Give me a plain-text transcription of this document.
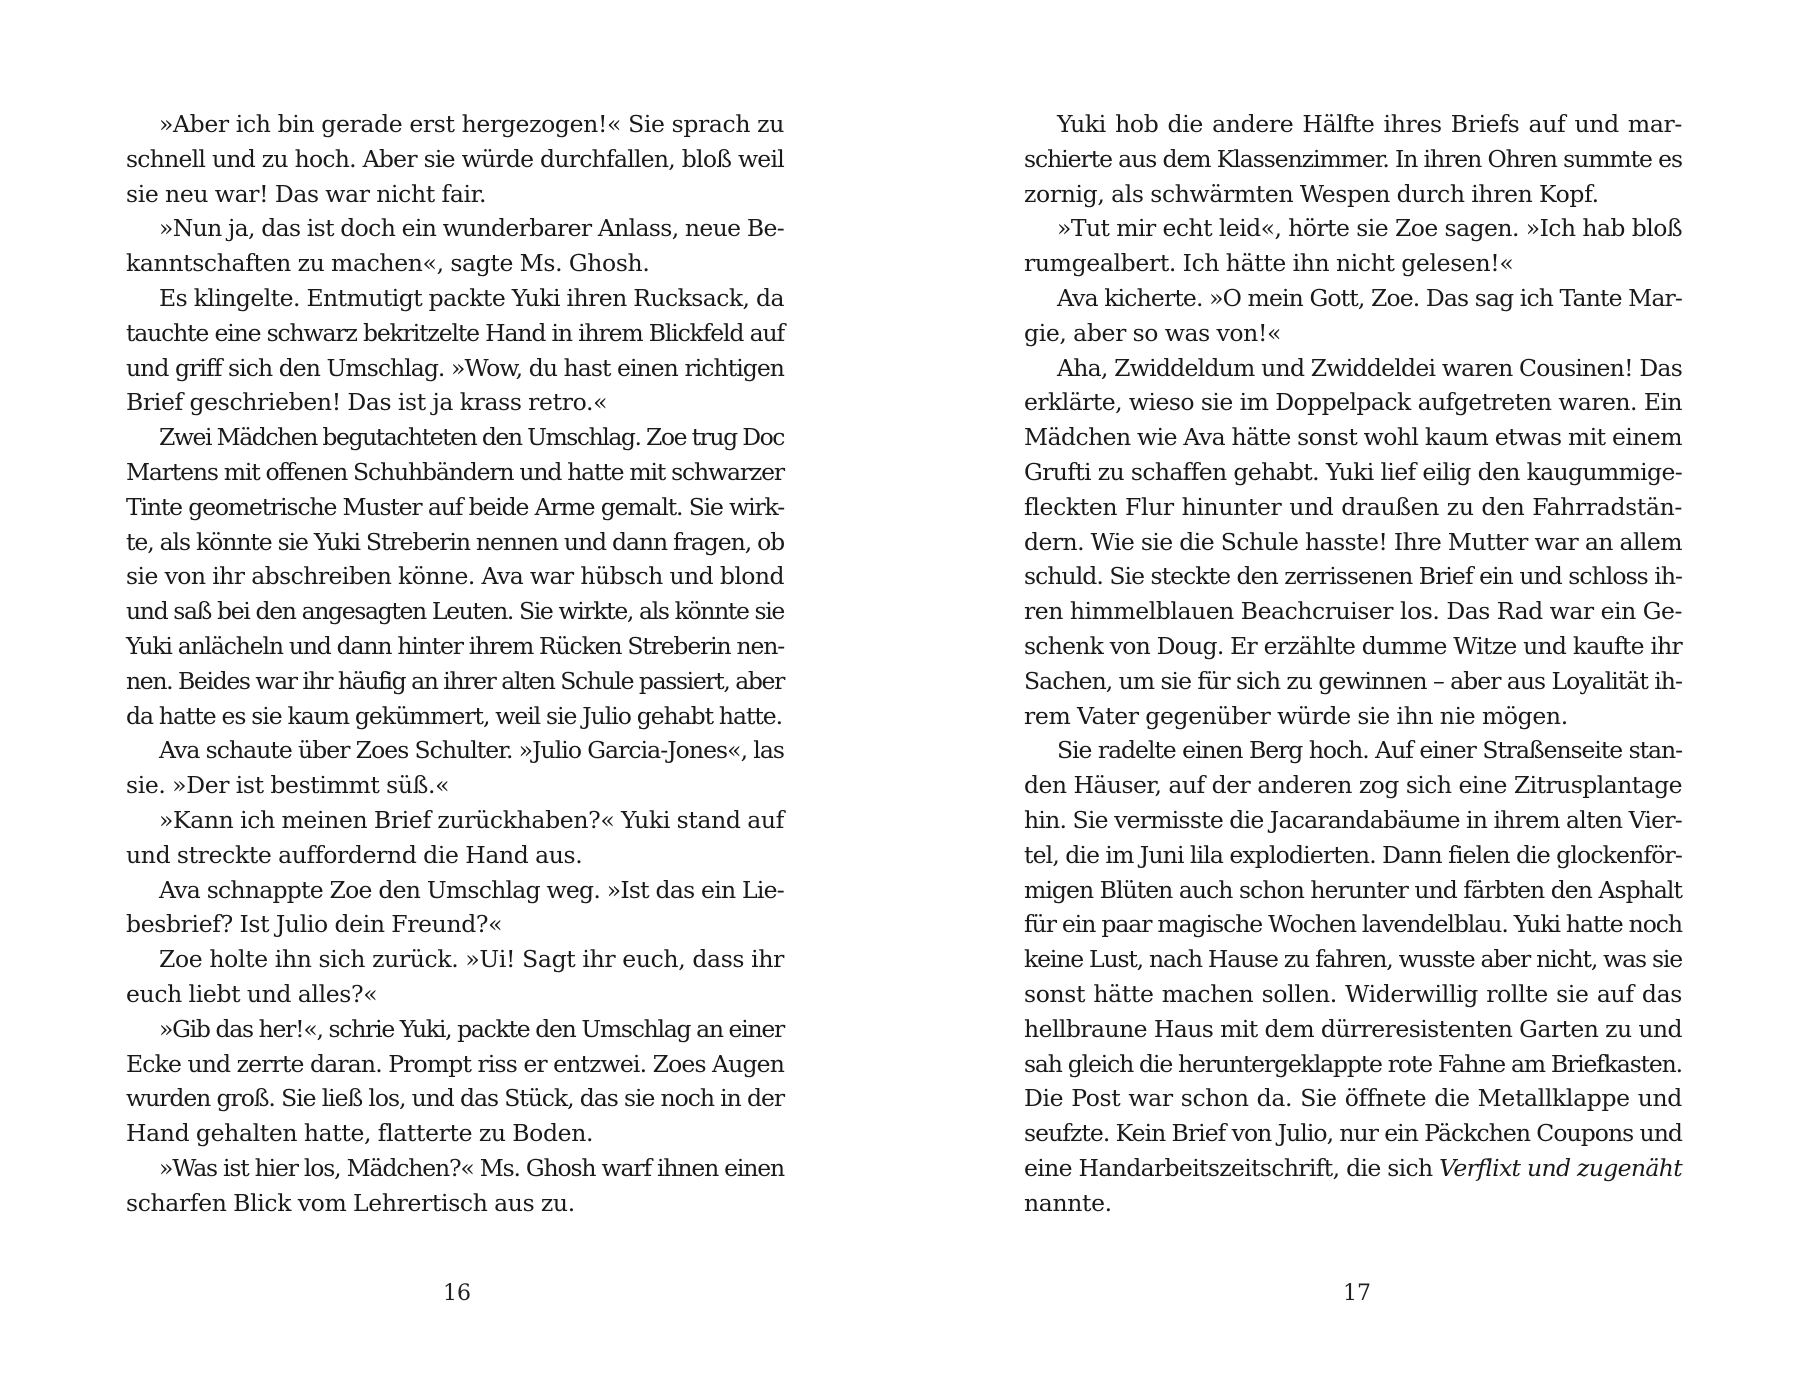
»Aber ich bin gerade erst hergezogen!« Sie sprach zu
schnell und zu hoch. Aber sie würde durchfallen, bloß weil
sie neu war! Das war nicht fair.
»Nun ja, das ist doch ein wunderbarer Anlass, neue Be-
kanntschaften zu machen«, sagte Ms. Ghosh.
Es klingelte. Entmutigt packte Yuki ihren Rucksack, da
tauchte eine schwarz bekritzelte Hand in ihrem Blickfeld auf
und griff sich den Umschlag. »Wow, du hast einen richtigen
Brief geschrieben! Das ist ja krass retro.«
Zwei Mädchen begutachteten den Umschlag. Zoe trug Doc
Martens mit offenen Schuhbändern und hatte mit schwarzer
Tinte geometrische Muster auf beide Arme gemalt. Sie wirk-
te, als könnte sie Yuki Streberin nennen und dann fragen, ob
sie von ihr abschreiben könne. Ava war hübsch und blond
und saß bei den angesagten Leuten. Sie wirkte, als könnte sie
Yuki anlächeln und dann hinter ihrem Rücken Streberin nen-
nen. Beides war ihr häufig an ihrer alten Schule passiert, aber
da hatte es sie kaum gekümmert, weil sie Julio gehabt hatte.
Ava schaute über Zoes Schulter. »Julio Garcia-Jones«, las
sie. »Der ist bestimmt süß.«
»Kann ich meinen Brief zurückhaben?« Yuki stand auf
und streckte auffordernd die Hand aus.
Ava schnappte Zoe den Umschlag weg. »Ist das ein Lie-
besbrief? Ist Julio dein Freund?«
Zoe holte ihn sich zurück. »Ui! Sagt ihr euch, dass ihr
euch liebt und alles?«
»Gib das her!«, schrie Yuki, packte den Umschlag an einer
Ecke und zerrte daran. Prompt riss er entzwei. Zoes Augen
wurden groß. Sie ließ los, und das Stück, das sie noch in der
Hand gehalten hatte, flatterte zu Boden.
»Was ist hier los, Mädchen?« Ms. Ghosh warf ihnen einen
scharfen Blick vom Lehrertisch aus zu.
16
Yuki hob die andere Hälfte ihres Briefs auf und mar-
schierte aus dem Klassenzimmer. In ihren Ohren summte es
zornig, als schwärmten Wespen durch ihren Kopf.
»Tut mir echt leid«, hörte sie Zoe sagen. »Ich hab bloß
rumgealbert. Ich hätte ihn nicht gelesen!«
Ava kicherte. »O mein Gott, Zoe. Das sag ich Tante Mar-
gie, aber so was von!«
Aha, Zwiddeldum und Zwiddeldei waren Cousinen! Das
erklärte, wieso sie im Doppelpack aufgetreten waren. Ein
Mädchen wie Ava hätte sonst wohl kaum etwas mit einem
Grufti zu schaffen gehabt. Yuki lief eilig den kaugummige-
fleckten Flur hinunter und draußen zu den Fahrradstän-
dern. Wie sie die Schule hasste! Ihre Mutter war an allem
schuld. Sie steckte den zerrissenen Brief ein und schloss ih-
ren himmelblauen Beachcruiser los. Das Rad war ein Ge-
schenk von Doug. Er erzählte dumme Witze und kaufte ihr
Sachen, um sie für sich zu gewinnen – aber aus Loyalität ih-
rem Vater gegenüber würde sie ihn nie mögen.
Sie radelte einen Berg hoch. Auf einer Straßenseite stan-
den Häuser, auf der anderen zog sich eine Zitrusplantage
hin. Sie vermisste die Jacarandabäume in ihrem alten Vier-
tel, die im Juni lila explodierten. Dann fielen die glockenför-
migen Blüten auch schon herunter und färbten den Asphalt
für ein paar magische Wochen lavendelblau. Yuki hatte noch
keine Lust, nach Hause zu fahren, wusste aber nicht, was sie
sonst hätte machen sollen. Widerwillig rollte sie auf das
hellbraune Haus mit dem dürreresistenten Garten zu und
sah gleich die heruntergeklappte rote Fahne am Briefkasten.
Die Post war schon da. Sie öffnete die Metallklappe und
seufzte. Kein Brief von Julio, nur ein Päckchen Coupons und
eine Handarbeitszeitschrift, die sich Verflixt und zugenäht
nannte.
17
